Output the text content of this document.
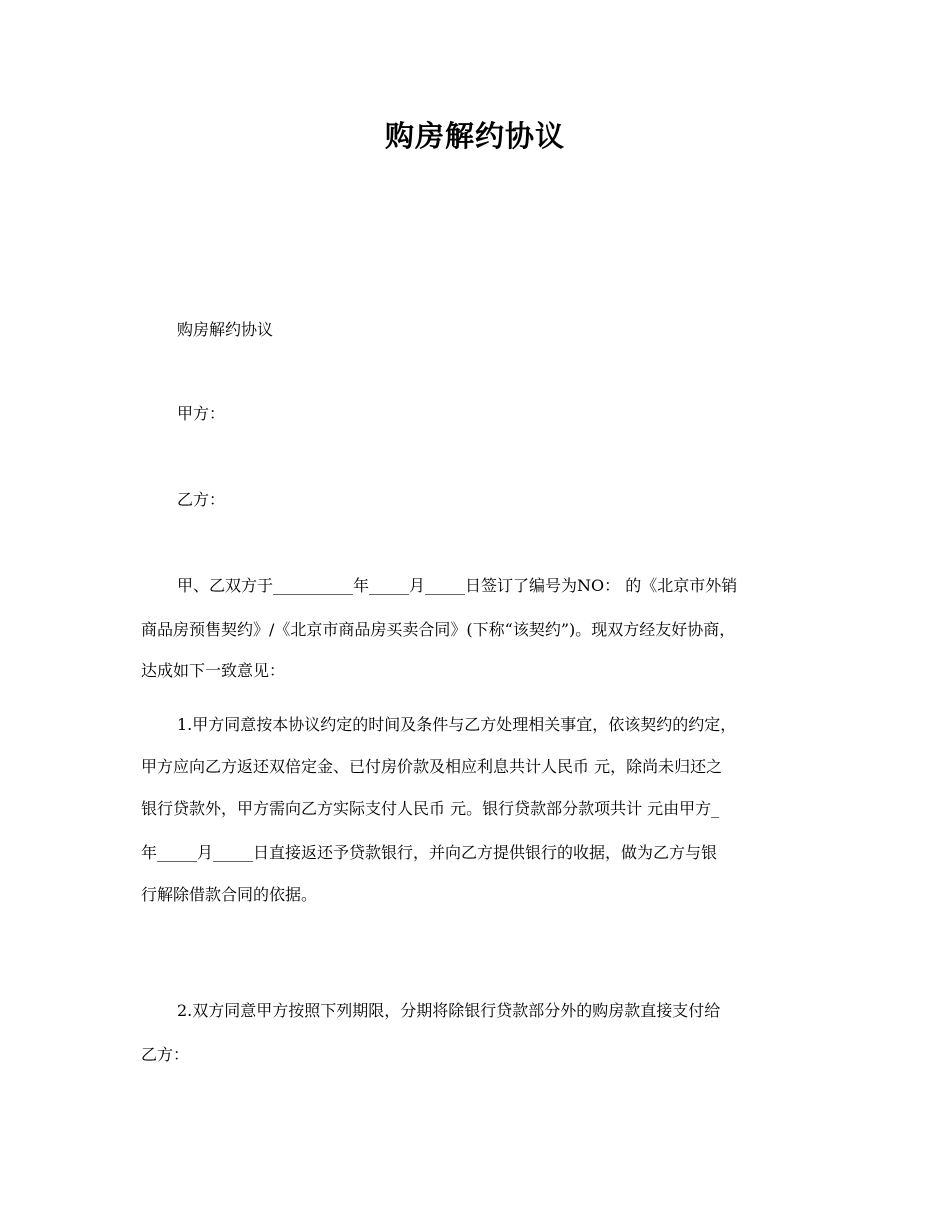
购房解约协议
购房解约协议
甲方：
乙方：
甲、乙双方于__________年_____月_____日签订了编号为NO： 的《北京市外销
商品房预售契约》/《北京市商品房买卖合同》(下称“该契约”)。现双方经友好协商，
达成如下一致意见：
1.甲方同意按本协议约定的时间及条件与乙方处理相关事宜，依该契约的约定，
甲方应向乙方返还双倍定金、已付房价款及相应利息共计人民币 元，除尚未归还之
银行贷款外，甲方需向乙方实际支付人民币 元。银行贷款部分款项共计 元由甲方_
年_____月_____日直接返还予贷款银行，并向乙方提供银行的收据，做为乙方与银
行解除借款合同的依据。
2.双方同意甲方按照下列期限，分期将除银行贷款部分外的购房款直接支付给
乙方：
